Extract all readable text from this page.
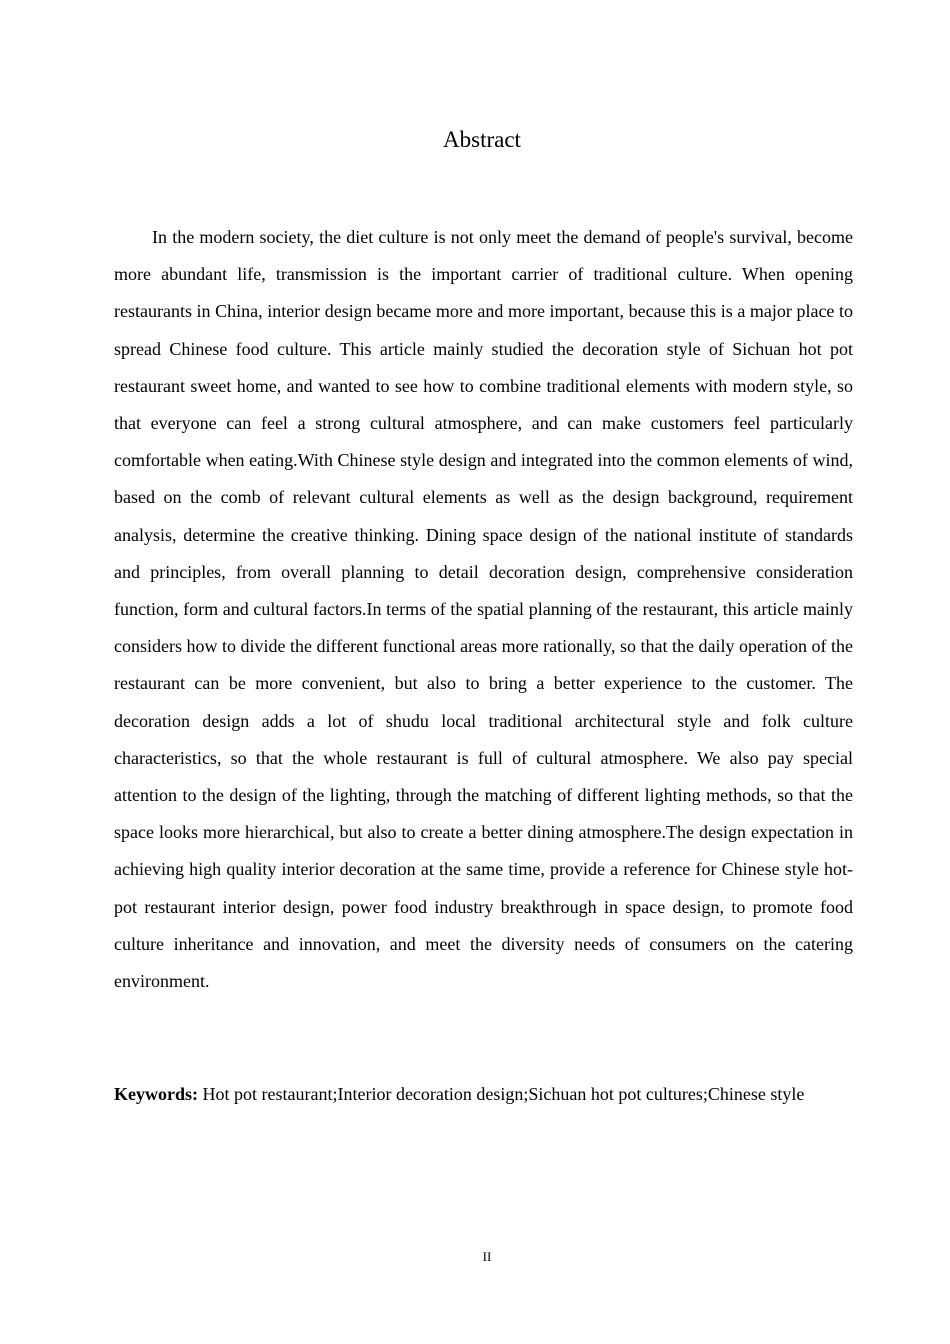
Abstract

In the modern society, the diet culture is not only meet the demand of people's survival, become more abundant life, transmission is the important carrier of traditional culture. When opening restaurants in China, interior design became more and more important, because this is a major place to spread Chinese food culture. This article mainly studied the decoration style of Sichuan hot pot restaurant sweet home, and wanted to see how to combine traditional elements with modern style, so that everyone can feel a strong cultural atmosphere, and can make customers feel particularly comfortable when eating.With Chinese style design and integrated into the common elements of wind, based on the comb of relevant cultural elements as well as the design background, requirement analysis, determine the creative thinking. Dining space design of the national institute of standards and principles, from overall planning to detail decoration design, comprehensive consideration function, form and cultural factors.In terms of the spatial planning of the restaurant, this article mainly considers how to divide the different functional areas more rationally, so that the daily operation of the restaurant can be more convenient, but also to bring a better experience to the customer. The decoration design adds a lot of shudu local traditional architectural style and folk culture characteristics, so that the whole restaurant is full of cultural atmosphere. We also pay special attention to the design of the lighting, through the matching of different lighting methods, so that the space looks more hierarchical, but also to create a better dining atmosphere.The design expectation in achieving high quality interior decoration at the same time, provide a reference for Chinese style hot-pot restaurant interior design, power food industry breakthrough in space design, to promote food culture inheritance and innovation, and meet the diversity needs of consumers on the catering environment.

Keywords: Hot pot restaurant;Interior decoration design;Sichuan hot pot cultures;Chinese style

II
